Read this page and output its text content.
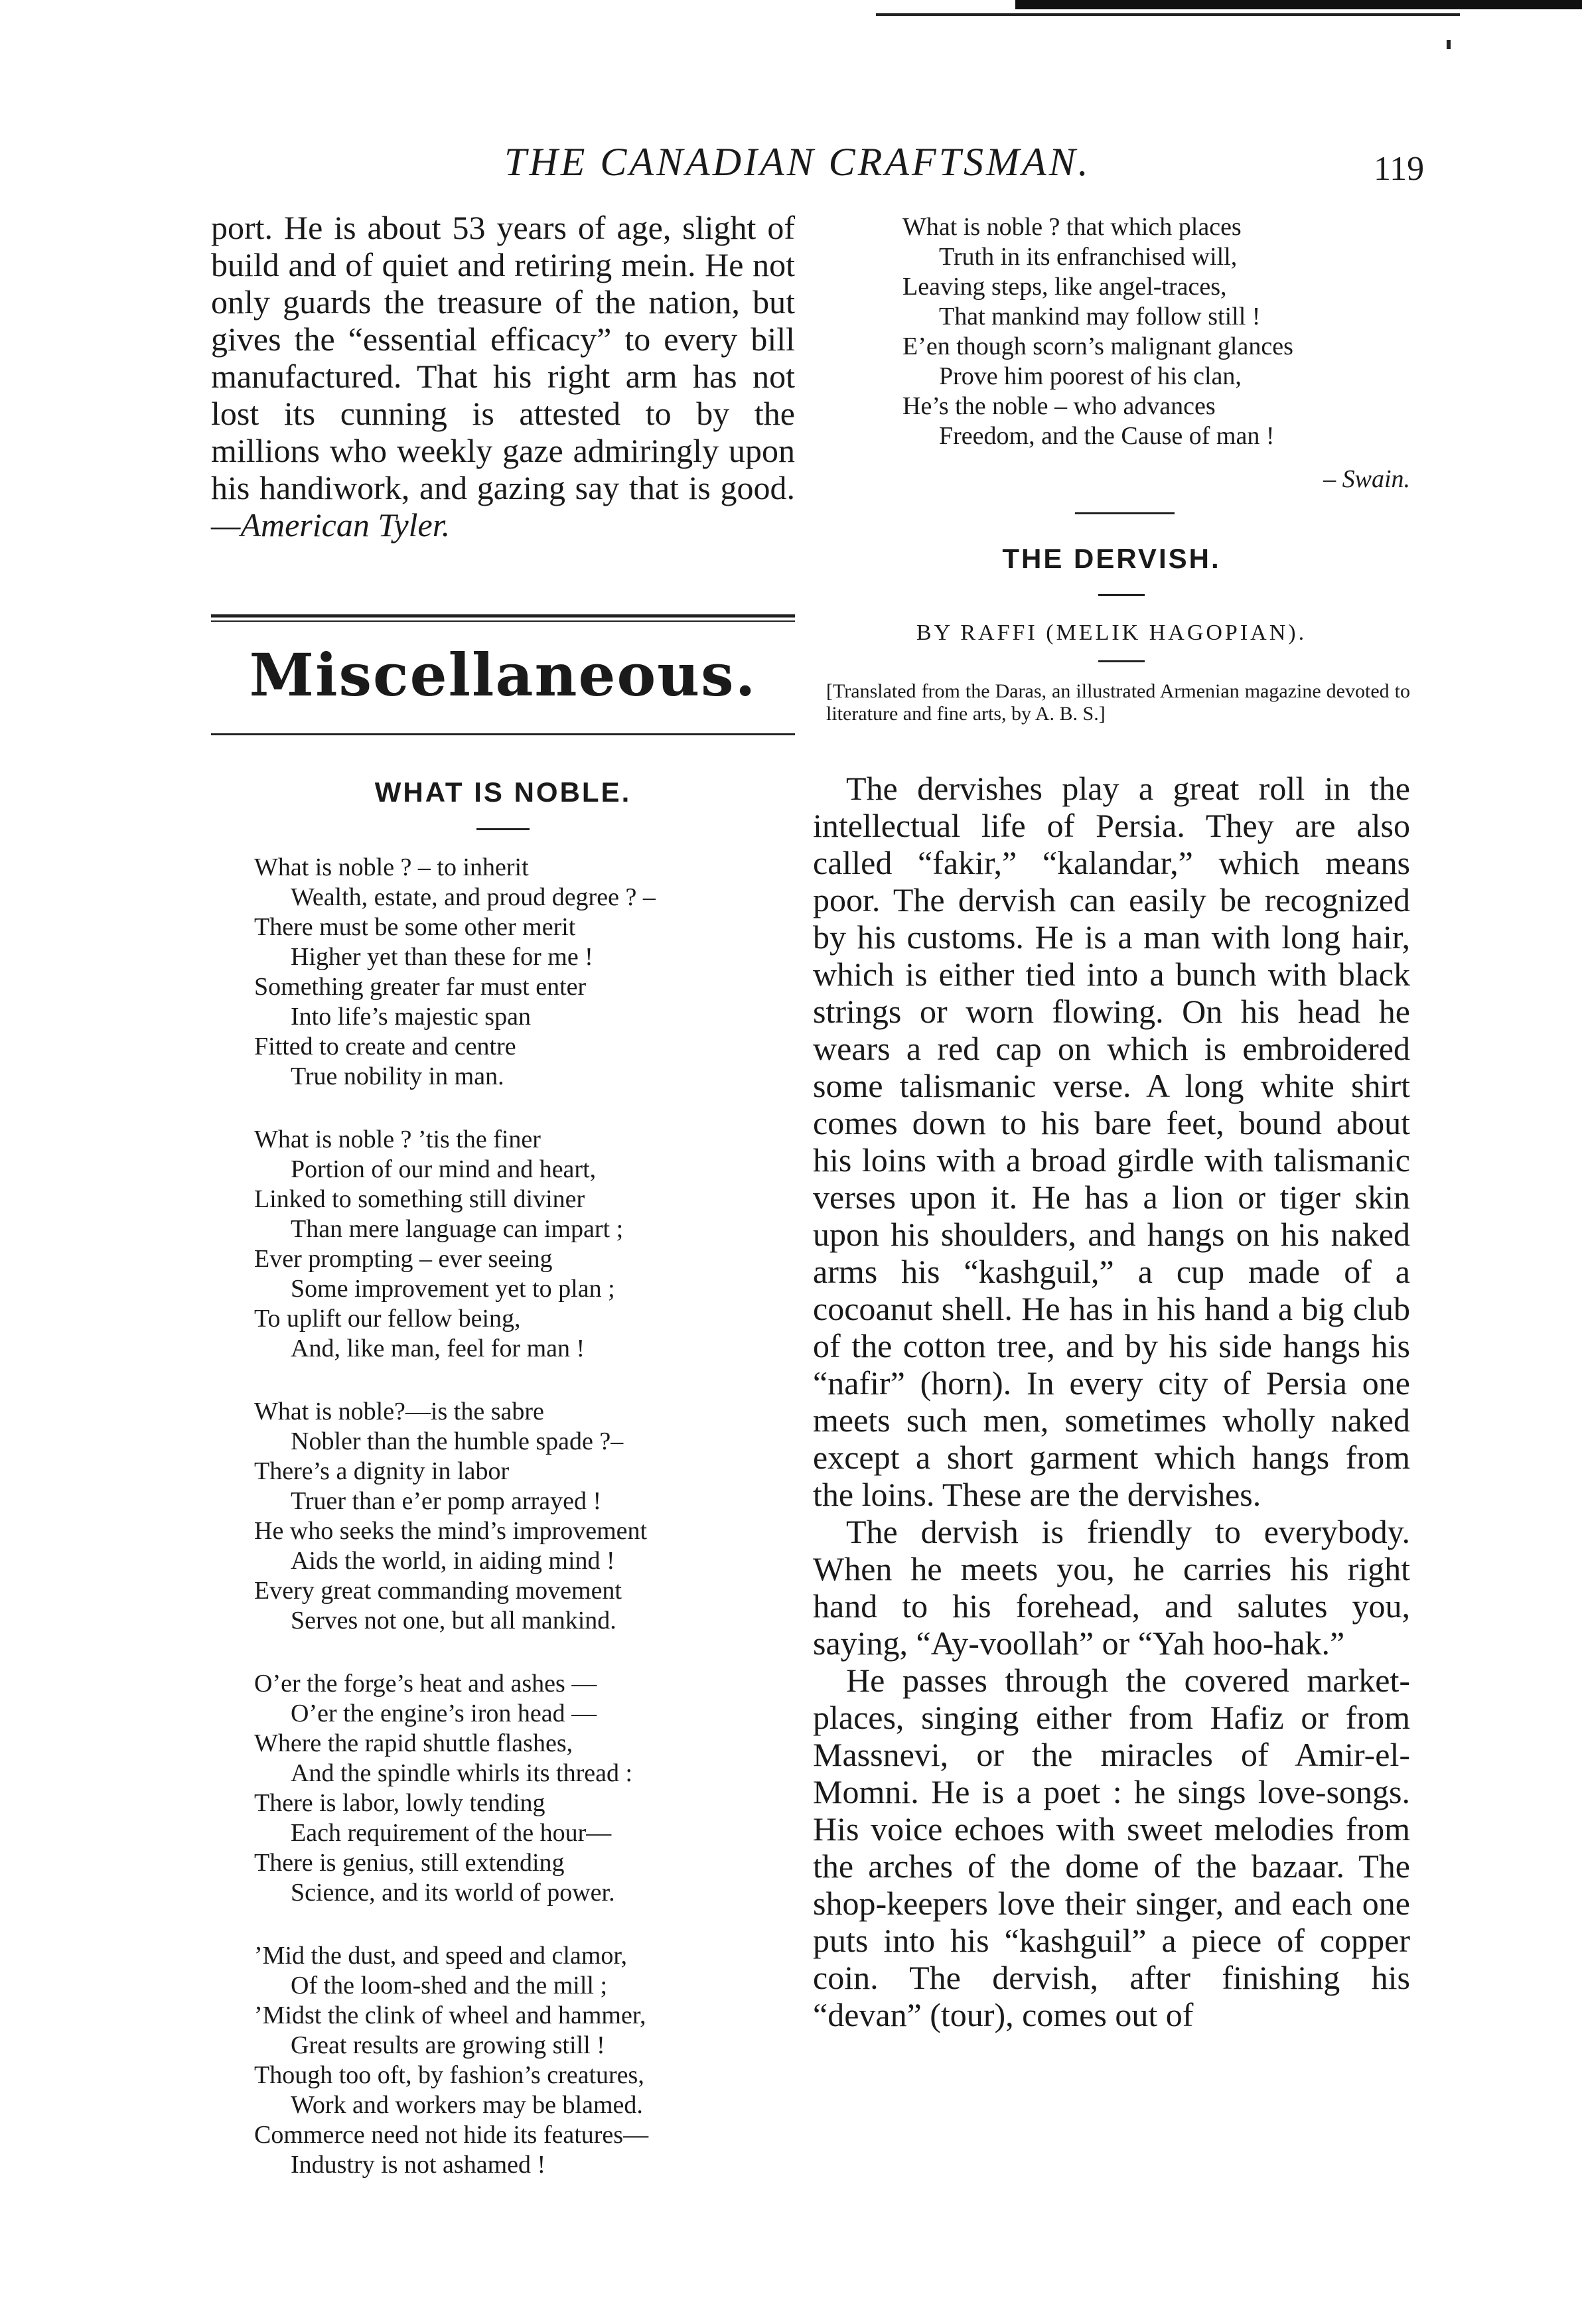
THE CANADIAN CRAFTSMAN.	119

port. He is about 53 years of age, slight of build and of quiet and retiring mein. He not only guards the treasure of the nation, but gives the “essential efficacy” to every bill manufactured. That his right arm has not lost its cunning is attested to by the millions who weekly gaze admiringly upon his handiwork, and gazing say that is good.—American Tyler.

Miscellaneous.
WHAT IS NOBLE.
What is noble ? – to inherit
Wealth, estate, and proud degree ? –
There must be some other merit
Higher yet than these for me !
Something greater far must enter
Into life’s majestic span
Fitted to create and centre
True nobility in man.
What is noble ? ’tis the finer
Portion of our mind and heart,
Linked to something still diviner
Than mere language can impart ;
Ever prompting – ever seeing
Some improvement yet to plan ;
To uplift our fellow being,
And, like man, feel for man !
What is noble?—is the sabre
Nobler than the humble spade ?–
There’s a dignity in labor
Truer than e’er pomp arrayed !
He who seeks the mind’s improvement
Aids the world, in aiding mind !
Every great commanding movement
Serves not one, but all mankind.
O’er the forge’s heat and ashes —
O’er the engine’s iron head —
Where the rapid shuttle flashes,
And the spindle whirls its thread :
There is labor, lowly tending
Each requirement of the hour—
There is genius, still extending
Science, and its world of power.
’Mid the dust, and speed and clamor,
Of the loom-shed and the mill ;
’Midst the clink of wheel and hammer,
Great results are growing still !
Though too oft, by fashion’s creatures,
Work and workers may be blamed.
Commerce need not hide its features—
Industry is not ashamed !
What is noble ? that which places
Truth in its enfranchised will,
Leaving steps, like angel-traces,
That mankind may follow still !
E’en though scorn’s malignant glances
Prove him poorest of his clan,
He’s the noble – who advances
Freedom, and the Cause of man !
– Swain.
THE DERVISH.
BY RAFFI (MELIK HAGOPIAN).
[Translated from the Daras, an illustrated Armenian magazine devoted to literature and fine arts, by A. B. S.]

The dervishes play a great roll in the intellectual life of Persia. They are also called “fakir,” “kalandar,” which means poor. The dervish can easily be recognized by his customs. He is a man with long hair, which is either tied into a bunch with black strings or worn flowing. On his head he wears a red cap on which is embroidered some talismanic verse. A long white shirt comes down to his bare feet, bound about his loins with a broad girdle with talismanic verses upon it. He has a lion or tiger skin upon his shoulders, and hangs on his naked arms his “kashguil,” a cup made of a cocoanut shell. He has in his hand a big club of the cotton tree, and by his side hangs his “nafir” (horn). In every city of Persia one meets such men, sometimes wholly naked except a short garment which hangs from the loins. These are the dervishes.

The dervish is friendly to everybody. When he meets you, he carries his right hand to his forehead, and salutes you, saying, “Ay-voollah” or “Yah hoo-hak.”

He passes through the covered market-places, singing either from Hafiz or from Massnevi, or the miracles of Amir-el-Momni. He is a poet : he sings love-songs. His voice echoes with sweet melodies from the arches of the dome of the bazaar. The shop-keepers love their singer, and each one puts into his “kashguil” a piece of copper coin. The dervish, after finishing his “devan” (tour), comes out of
